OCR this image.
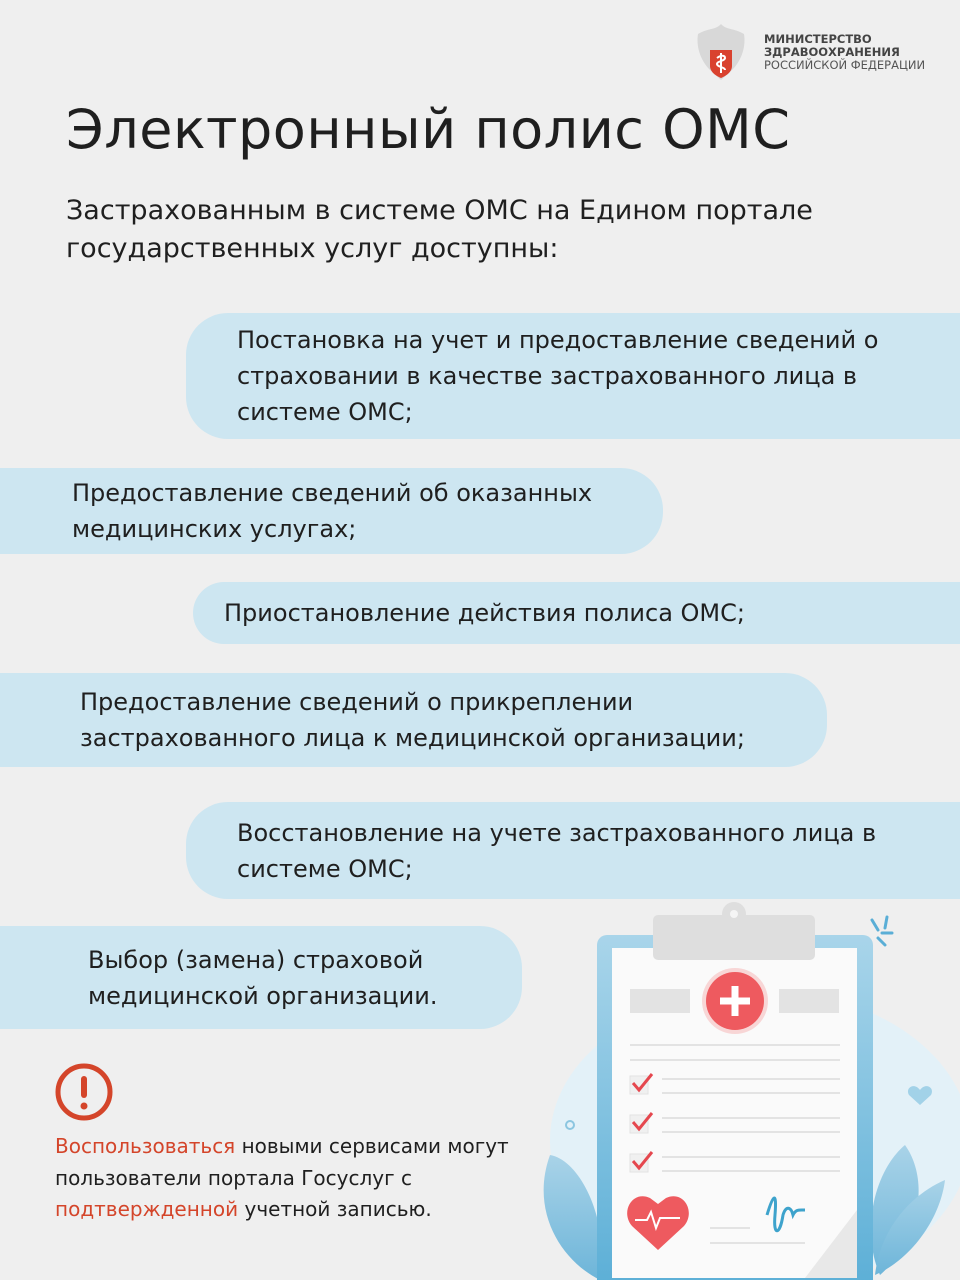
МИНИСТЕРСТВО
ЗДРАВООХРАНЕНИЯ
РОССИЙСКОЙ ФЕДЕРАЦИИ
Электронный полис ОМС

Застрахованным в системе ОМС на Едином портале государственных услуг доступны:

Постановка на учет и предоставление сведений о страховании в качестве застрахованного лица в системе ОМС;
Предоставление сведений об оказанных медицинских услугах;
Приостановление действия полиса ОМС;
Предоставление сведений о прикреплении застрахованного лица к медицинской организации;
Восстановление на учете застрахованного лица в системе ОМС;
Выбор (замена) страховой медицинской организации.
Воспользоваться новыми сервисами могут пользователи портала Госуслуг с подтвержденной учетной записью.
